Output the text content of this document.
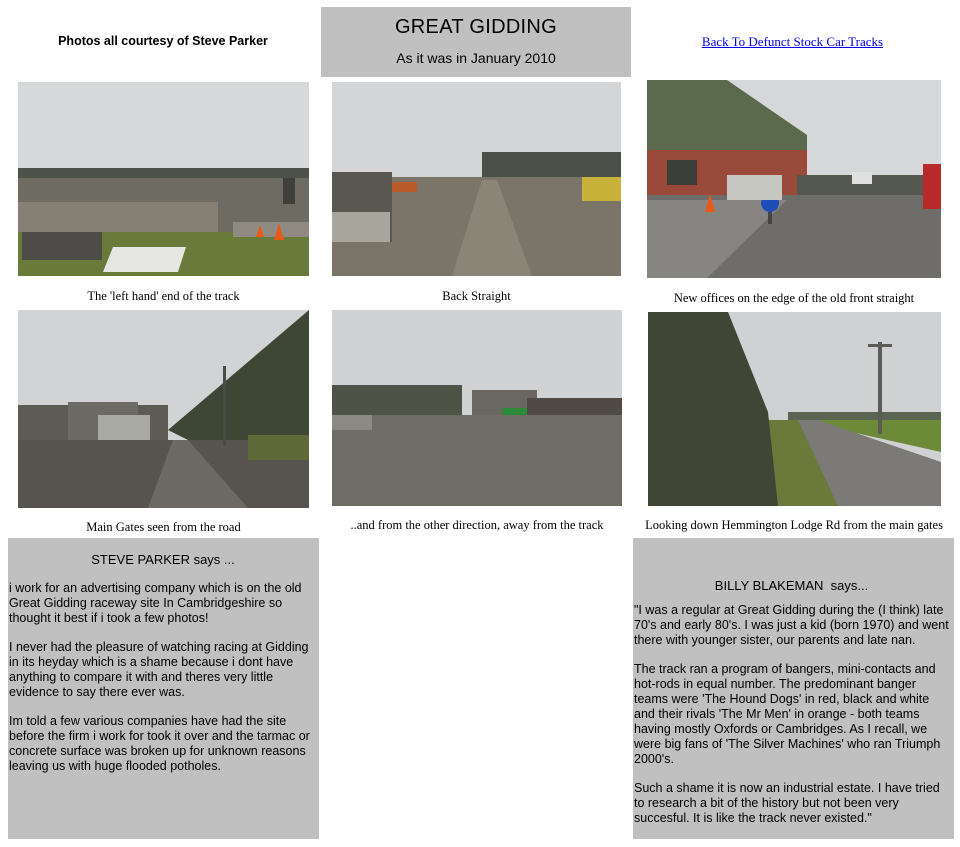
Photos all courtesy of Steve Parker
GREAT GIDDING
As it was in January 2010
Back To Defunct Stock Car Tracks
The 'left hand' end of the track	Back Straight	New offices on the edge of the old front straight
Main Gates seen from the road	..and from the other direction, away from the track	Looking down Hemmington Lodge Rd from the main gates
STEVE PARKER says ...

i work for an advertising company which is on the old Great Gidding raceway site In Cambridgeshire so thought it best if i took a few photos!

I never had the pleasure of watching racing at Gidding in its heyday which is a shame because i dont have anything to compare it with and theres very little evidence to say there ever was.

Im told a few various companies have had the site before the firm i work for took it over and the tarmac or concrete surface was broken up for unknown reasons leaving us with huge flooded potholes.

BILLY BLAKEMAN  says...

"I was a regular at Great Gidding during the (I think) late 70's and early 80's. I was just a kid (born 1970) and went there with younger sister, our parents and late nan.

The track ran a program of bangers, mini-contacts and hot-rods in equal number. The predominant banger teams were 'The Hound Dogs' in red, black and white and their rivals 'The Mr Men' in orange - both teams having mostly Oxfords or Cambridges. As I recall, we were big fans of 'The Silver Machines' who ran Triumph 2000's.

Such a shame it is now an industrial estate. I have tried to research a bit of the history but not been very succesful. It is like the track never existed."
